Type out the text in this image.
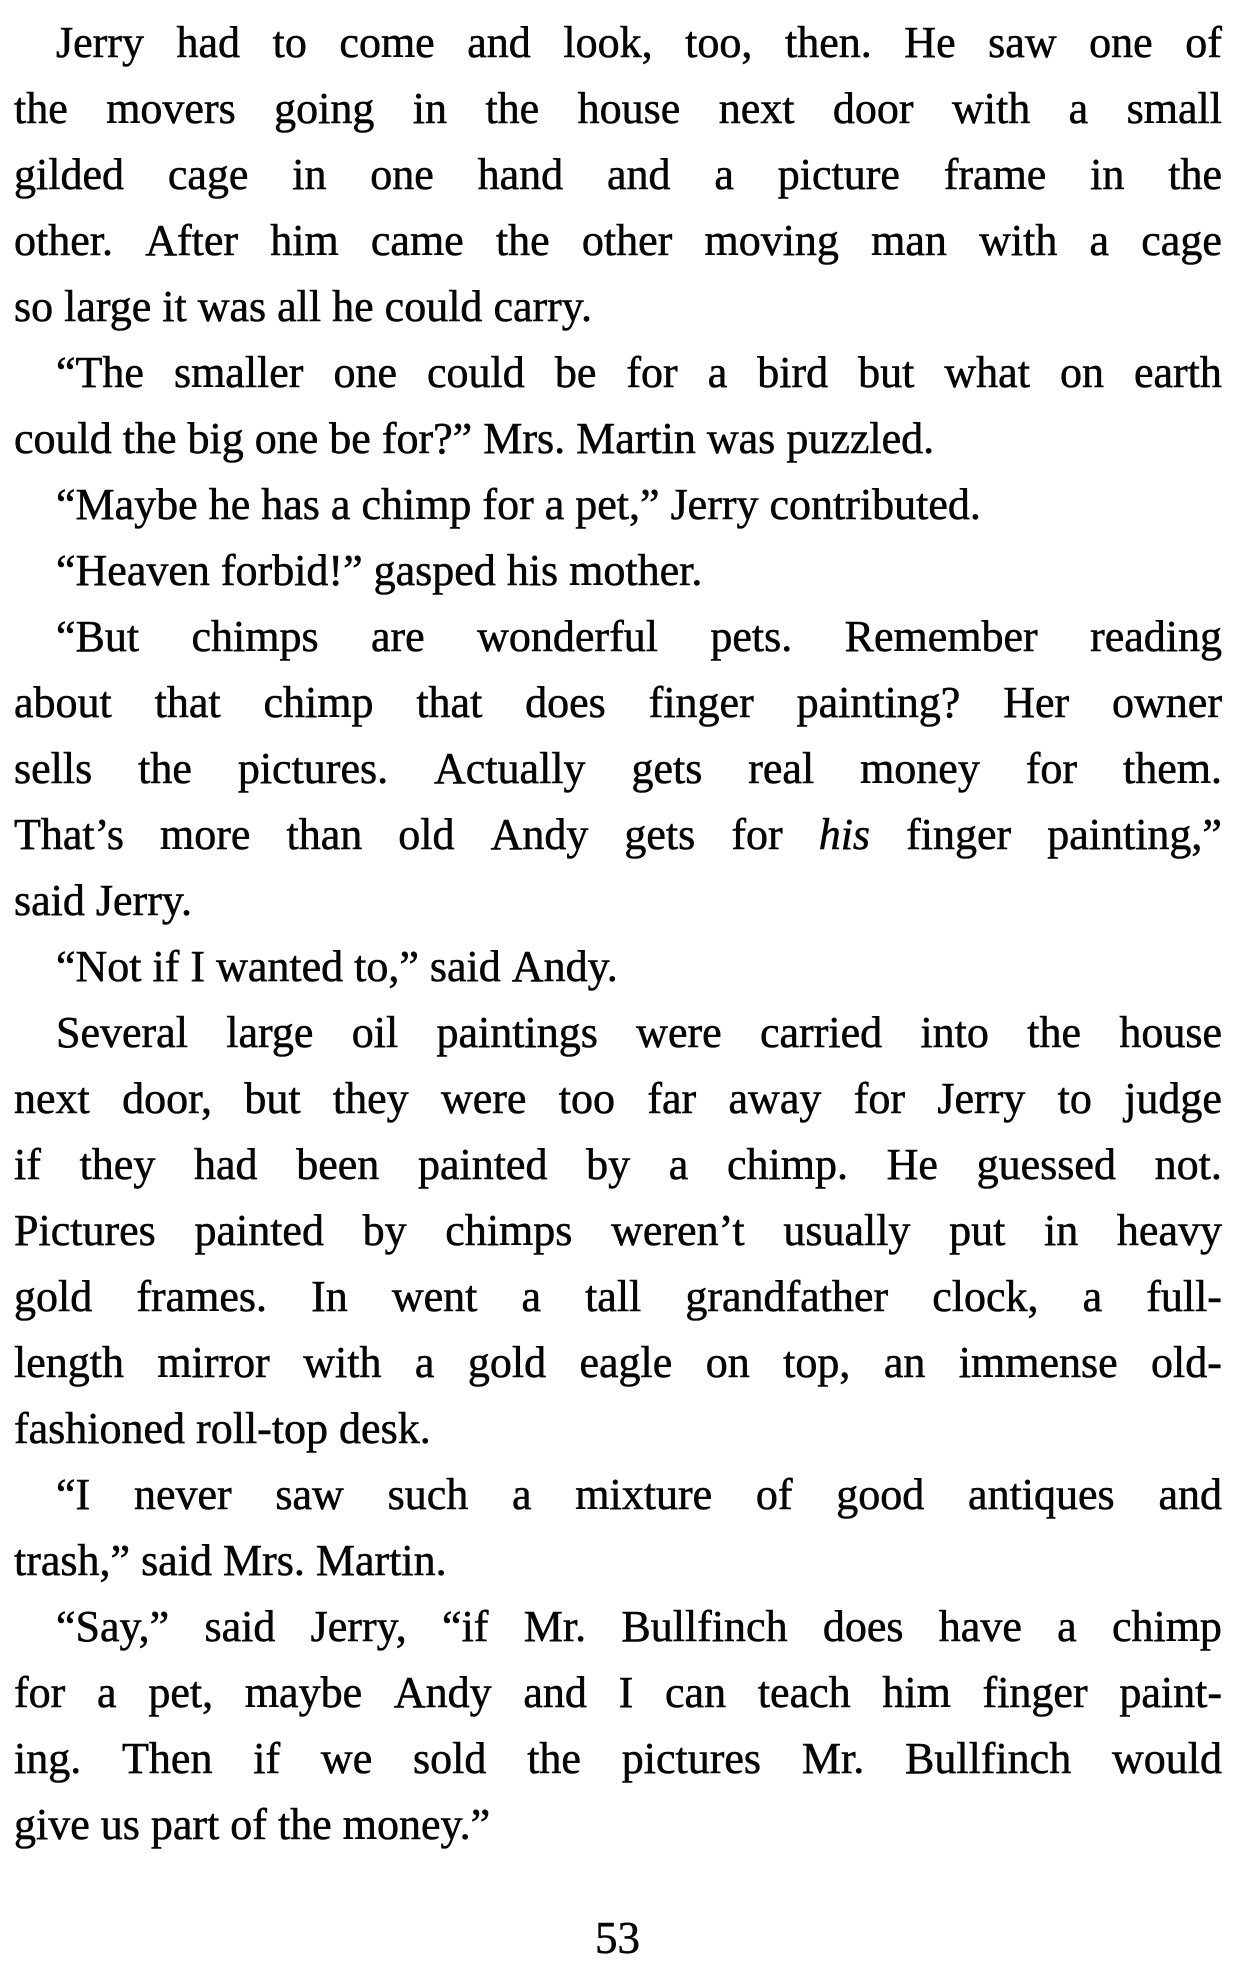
Jerry had to come and look, too, then. He saw one of
the movers going in the house next door with a small
gilded cage in one hand and a picture frame in the
other. After him came the other moving man with a cage
so large it was all he could carry.
“The smaller one could be for a bird but what on earth
could the big one be for?” Mrs. Martin was puzzled.
“Maybe he has a chimp for a pet,” Jerry contributed.
“Heaven forbid!” gasped his mother.
“But chimps are wonderful pets. Remember reading
about that chimp that does finger painting? Her owner
sells the pictures. Actually gets real money for them.
That’s more than old Andy gets for his finger painting,”
said Jerry.
“Not if I wanted to,” said Andy.
Several large oil paintings were carried into the house
next door, but they were too far away for Jerry to judge
if they had been painted by a chimp. He guessed not.
Pictures painted by chimps weren’t usually put in heavy
gold frames. In went a tall grandfather clock, a full-
length mirror with a gold eagle on top, an immense old-
fashioned roll-top desk.
“I never saw such a mixture of good antiques and
trash,” said Mrs. Martin.
“Say,” said Jerry, “if Mr. Bullfinch does have a chimp
for a pet, maybe Andy and I can teach him finger paint-
ing. Then if we sold the pictures Mr. Bullfinch would
give us part of the money.”
53
